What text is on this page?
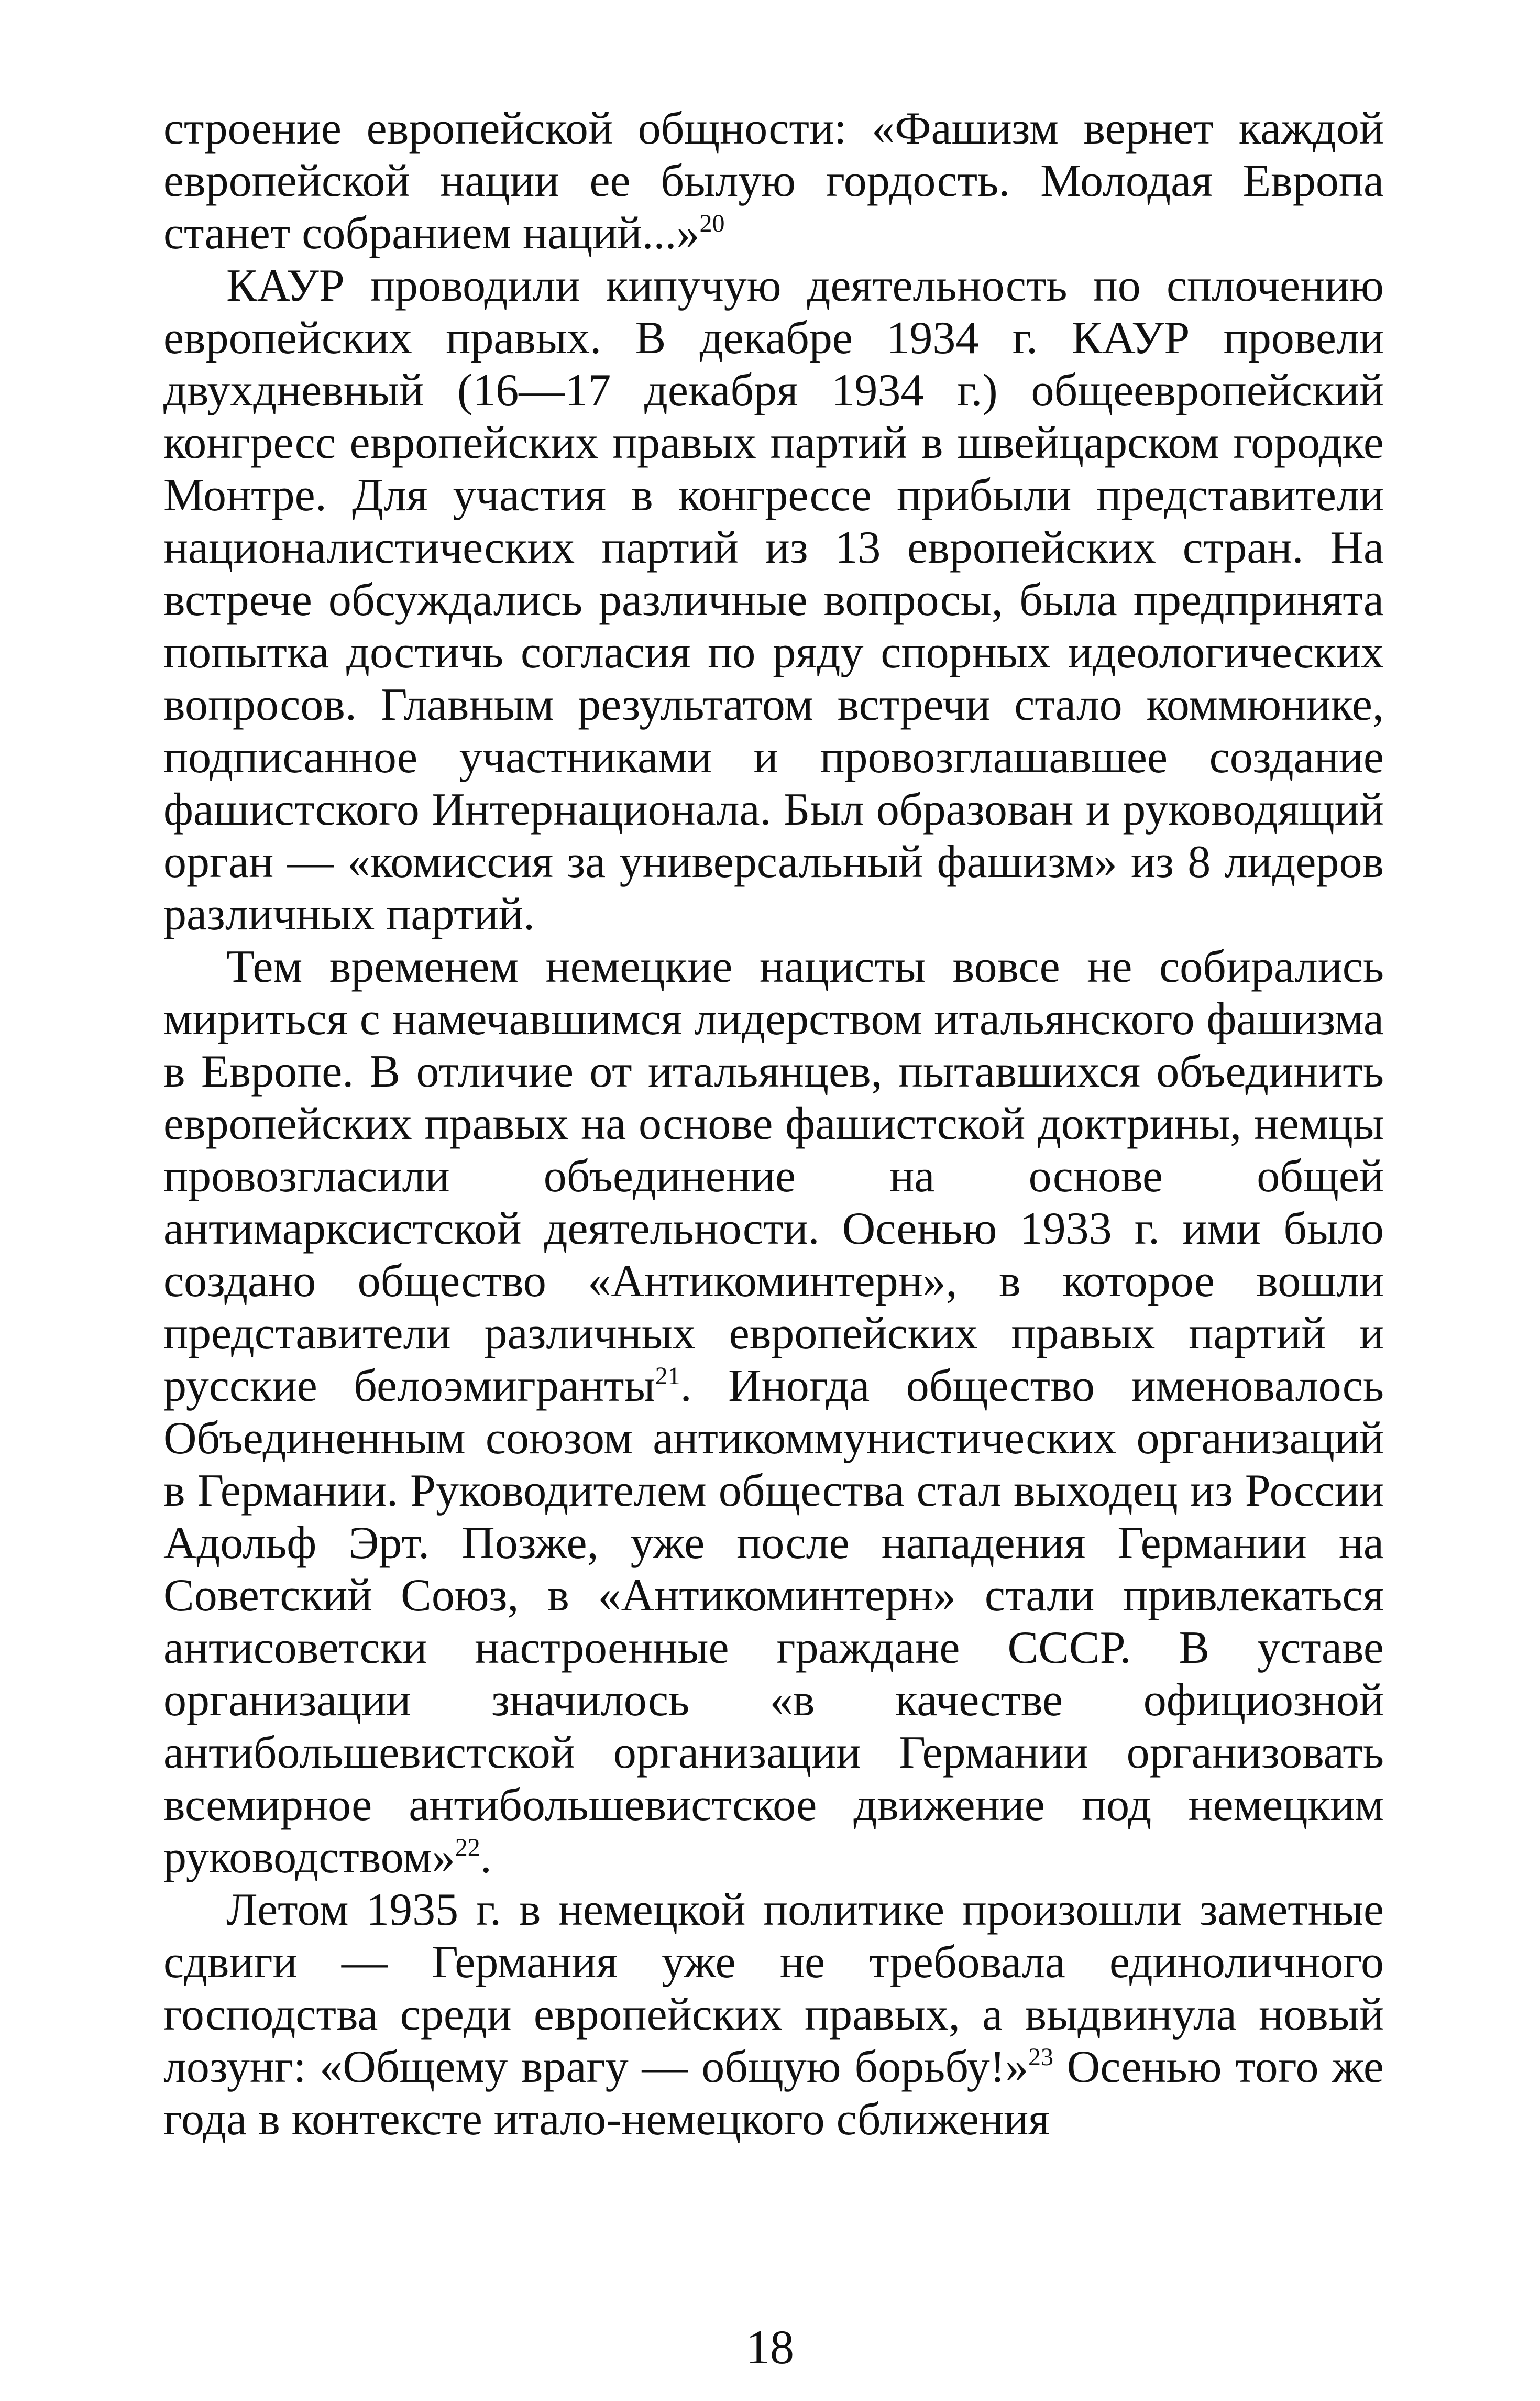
строение европейской общности: «Фашизм вернет каждой европейской нации ее былую гордость. Молодая Европа станет собранием наций...»$^{20}$

КАУР проводили кипучую деятельность по сплочению европейских правых. В декабре 1934 г. КАУР провели двухдневный (16—17 декабря 1934 г.) общеевропейский конгресс европейских правых партий в швейцарском городке Монтре. Для участия в конгрессе прибыли представители националистических партий из 13 европейских стран. На встрече обсуждались различные вопросы, была предпринята попытка достичь согласия по ряду спорных идеологических вопросов. Главным результатом встречи стало коммюнике, подписанное участниками и провозглашавшее создание фашистского Интернационала. Был образован и руководящий орган — «комиссия за универсальный фашизм» из 8 лидеров различных партий.

Тем временем немецкие нацисты вовсе не собирались мириться с намечавшимся лидерством итальянского фашизма в Европе. В отличие от итальянцев, пытавшихся объединить европейских правых на основе фашистской доктрины, немцы провозгласили объединение на основе общей антимарксистской деятельности. Осенью 1933 г. ими было создано общество «Антикоминтерн», в которое вошли представители различных европейских правых партий и русские белоэмигранты$^{21}$. Иногда общество именовалось Объединенным союзом антикоммунистических организаций в Германии. Руководителем общества стал выходец из России Адольф Эрт. Позже, уже после нападения Германии на Советский Союз, в «Антикоминтерн» стали привлекаться антисоветски настроенные граждане СССР. В уставе организации значилось «в качестве официозной антибольшевистской организации Германии организовать всемирное антибольшевистское движение под немецким руководством»$^{22}$.

Летом 1935 г. в немецкой политике произошли заметные сдвиги — Германия уже не требовала единоличного господства среди европейских правых, а выдвинула новый лозунг: «Общему врагу — общую борьбу!»$^{23}$ Осенью того же года в контексте итало-немецкого сближения

18
